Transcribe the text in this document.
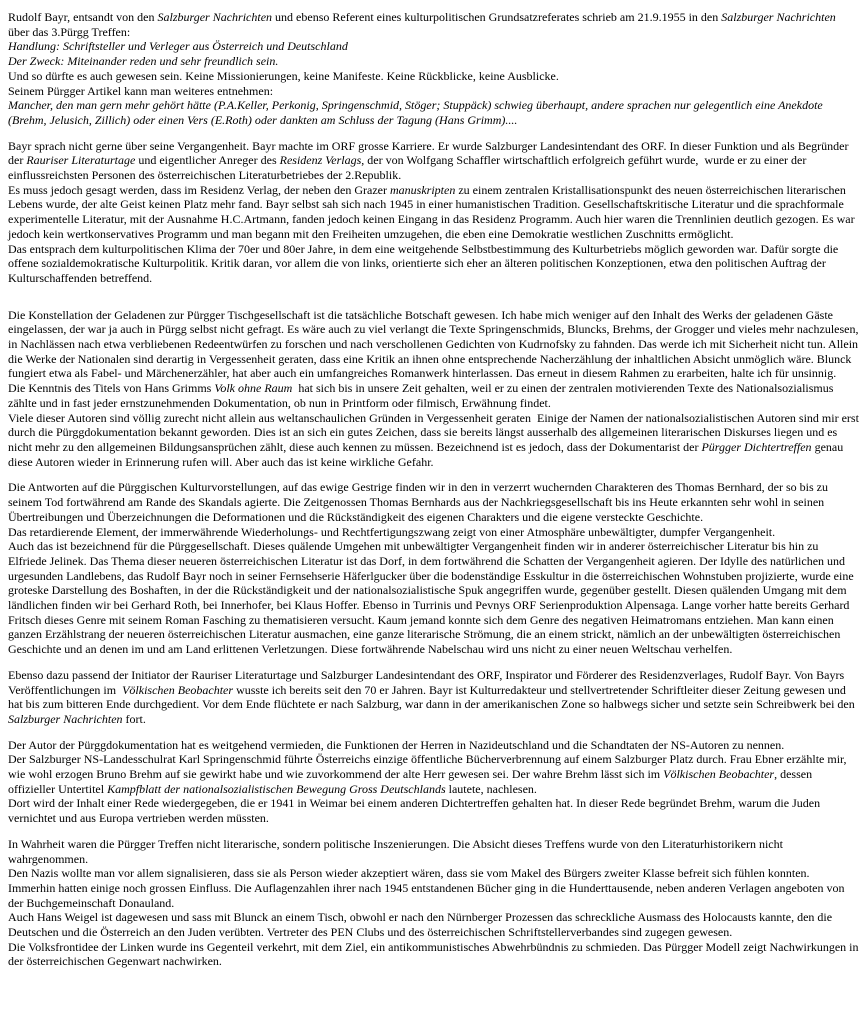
Rudolf Bayr, entsandt von den Salzburger Nachrichten und ebenso Referent eines kulturpolitischen Grundsatzreferates schrieb am 21.9.1955 in den Salzburger Nachrichten über das 3.Pürgg Treffen:
Handlung: Schriftsteller und Verleger aus Österreich und Deutschland
Der Zweck: Miteinander reden und sehr freundlich sein.
Und so dürfte es auch gewesen sein. Keine Missionierungen, keine Manifeste. Keine Rückblicke, keine Ausblicke.
Seinem Pürgger Artikel kann man weiteres entnehmen:
Mancher, den man gern mehr gehört hätte (P.A.Keller, Perkonig, Springenschmid, Stöger; Stuppäck) schwieg überhaupt, andere sprachen nur gelegentlich eine Anekdote (Brehm, Jelusich, Zillich) oder einen Vers (E.Roth) oder dankten am Schluss der Tagung (Hans Grimm)....
Bayr sprach nicht gerne über seine Vergangenheit. Bayr machte im ORF grosse Karriere. Er wurde Salzburger Landesintendant des ORF. In dieser Funktion und als Begründer der Rauriser Literaturtage und eigentlicher Anreger des Residenz Verlags, der von Wolfgang Schaffler wirtschaftlich erfolgreich geführt wurde,  wurde er zu einer der einflussreichsten Personen des österreichischen Literaturbetriebes der 2.Republik.
Es muss jedoch gesagt werden, dass im Residenz Verlag, der neben den Grazer manuskripten zu einem zentralen Kristallisationspunkt des neuen österreichischen literarischen Lebens wurde, der alte Geist keinen Platz mehr fand. Bayr selbst sah sich nach 1945 in einer humanistischen Tradition. Gesellschaftskritische Literatur und die sprachformale experimentelle Literatur, mit der Ausnahme H.C.Artmann, fanden jedoch keinen Eingang in das Residenz Programm. Auch hier waren die Trennlinien deutlich gezogen. Es war jedoch kein wertkonservatives Programm und man begann mit den Freiheiten umzugehen, die eben eine Demokratie westlichen Zuschnitts ermöglicht.
Das entsprach dem kulturpolitischen Klima der 70er und 80er Jahre, in dem eine weitgehende Selbstbestimmung des Kulturbetriebs möglich geworden war. Dafür sorgte die offene sozialdemokratische Kulturpolitik. Kritik daran, vor allem die von links, orientierte sich eher an älteren politischen Konzeptionen, etwa den politischen Auftrag der Kulturschaffenden betreffend.
Die Konstellation der Geladenen zur Pürgger Tischgesellschaft ist die tatsächliche Botschaft gewesen. Ich habe mich weniger auf den Inhalt des Werks der geladenen Gäste eingelassen, der war ja auch in Pürgg selbst nicht gefragt. Es wäre auch zu viel verlangt die Texte Springenschmids, Bluncks, Brehms, der Grogger und vieles mehr nachzulesen, in Nachlässen nach etwa verbliebenen Redeentwürfen zu forschen und nach verschollenen Gedichten von Kudrnofsky zu fahnden. Das werde ich mit Sicherheit nicht tun. Allein die Werke der Nationalen sind derartig in Vergessenheit geraten, dass eine Kritik an ihnen ohne entsprechende Nacherzählung der inhaltlichen Absicht unmöglich wäre. Blunck fungiert etwa als Fabel- und Märchenerzähler, hat aber auch ein umfangreiches Romanwerk hinterlassen. Das erneut in diesem Rahmen zu erarbeiten, halte ich für unsinnig.
Die Kenntnis des Titels von Hans Grimms Volk ohne Raum  hat sich bis in unsere Zeit gehalten, weil er zu einen der zentralen motivierenden Texte des Nationalsozialismus zählte und in fast jeder ernstzunehmenden Dokumentation, ob nun in Printform oder filmisch, Erwähnung findet.
Viele dieser Autoren sind völlig zurecht nicht allein aus weltanschaulichen Gründen in Vergessenheit geraten  Einige der Namen der nationalsozialistischen Autoren sind mir erst  durch die Pürggdokumentation bekannt geworden. Dies ist an sich ein gutes Zeichen, dass sie bereits längst ausserhalb des allgemeinen literarischen Diskurses liegen und es nicht mehr zu den allgemeinen Bildungsansprüchen zählt, diese auch kennen zu müssen. Bezeichnend ist es jedoch, dass der Dokumentarist der Pürgger Dichtertreffen genau diese Autoren wieder in Erinnerung rufen will. Aber auch das ist keine wirkliche Gefahr.
Die Antworten auf die Pürggischen Kulturvorstellungen, auf das ewige Gestrige finden wir in den in verzerrt wuchernden Charakteren des Thomas Bernhard, der so bis zu seinem Tod fortwährend am Rande des Skandals agierte. Die Zeitgenossen Thomas Bernhards aus der Nachkriegsgesellschaft bis ins Heute erkannten sehr wohl in seinen Übertreibungen und Überzeichnungen die Deformationen und die Rückständigkeit des eigenen Charakters und die eigene versteckte Geschichte.
Das retardierende Element, der immerwährende Wiederholungs- und Rechtfertigungszwang zeigt von einer Atmosphäre unbewältigter, dumpfer Vergangenheit.
Auch das ist bezeichnend für die Pürggesellschaft. Dieses quälende Umgehen mit unbewältigter Vergangenheit finden wir in anderer österreichischer Literatur bis hin zu Elfriede Jelinek. Das Thema dieser neueren österreichischen Literatur ist das Dorf, in dem fortwährend die Schatten der Vergangenheit agieren. Der Idylle des natürlichen und urgesunden Landlebens, das Rudolf Bayr noch in seiner Fernsehserie Häferlgucker über die bodenständige Esskultur in die österreichischen Wohnstuben projizierte, wurde eine groteske Darstellung des Boshaften, in der die Rückständigkeit und der nationalsozialistische Spuk angegriffen wurde, gegenüber gestellt. Diesen quälenden Umgang mit dem ländlichen finden wir bei Gerhard Roth, bei Innerhofer, bei Klaus Hoffer. Ebenso in Turrinis und Pevnys ORF Serienproduktion Alpensaga. Lange vorher hatte bereits Gerhard Fritsch dieses Genre mit seinem Roman Fasching zu thematisieren versucht. Kaum jemand konnte sich dem Genre des negativen Heimatromans entziehen. Man kann einen ganzen Erzählstrang der neueren österreichischen Literatur ausmachen, eine ganze literarische Strömung, die an einem strickt, nämlich an der unbewältigten österreichischen Geschichte und an denen im und am Land erlittenen Verletzungen. Diese fortwährende Nabelschau wird uns nicht zu einer neuen Weltschau verhelfen.
Ebenso dazu passend der Initiator der Rauriser Literaturtage und Salzburger Landesintendant des ORF, Inspirator und Förderer des Residenzverlages, Rudolf Bayr. Von Bayrs Veröffentlichungen im  Völkischen Beobachter wusste ich bereits seit den 70 er Jahren. Bayr ist Kulturredakteur und stellvertretender Schriftleiter dieser Zeitung gewesen und hat bis zum bitteren Ende durchgedient. Vor dem Ende flüchtete er nach Salzburg, war dann in der amerikanischen Zone so halbwegs sicher und setzte sein Schreibwerk bei den Salzburger Nachrichten fort.
Der Autor der Pürggdokumentation hat es weitgehend vermieden, die Funktionen der Herren in Nazideutschland und die Schandtaten der NS-Autoren zu nennen.
Der Salzburger NS-Landesschulrat Karl Springenschmid führte Österreichs einzige öffentliche Bücherverbrennung auf einem Salzburger Platz durch. Frau Ebner erzählte mir, wie wohl erzogen Bruno Brehm auf sie gewirkt habe und wie zuvorkommend der alte Herr gewesen sei. Der wahre Brehm lässt sich im Völkischen Beobachter, dessen offizieller Untertitel Kampfblatt der nationalsozialistischen Bewegung Gross Deutschlands lautete, nachlesen.
Dort wird der Inhalt einer Rede wiedergegeben, die er 1941 in Weimar bei einem anderen Dichtertreffen gehalten hat. In dieser Rede begründet Brehm, warum die Juden vernichtet und aus Europa vertrieben werden müssten.
In Wahrheit waren die Pürgger Treffen nicht literarische, sondern politische Inszenierungen. Die Absicht dieses Treffens wurde von den Literaturhistorikern nicht wahrgenommen.
Den Nazis wollte man vor allem signalisieren, dass sie als Person wieder akzeptiert wären, dass sie vom Makel des Bürgers zweiter Klasse befreit sich fühlen konnten.
Immerhin hatten einige noch grossen Einfluss. Die Auflagenzahlen ihrer nach 1945 entstandenen Bücher ging in die Hunderttausende, neben anderen Verlagen angeboten von der Buchgemeinschaft Donauland.
Auch Hans Weigel ist dagewesen und sass mit Blunck an einem Tisch, obwohl er nach den Nürnberger Prozessen das schreckliche Ausmass des Holocausts kannte, den die Deutschen und die Österreich an den Juden verübten. Vertreter des PEN Clubs und des österreichischen Schriftstellerverbandes sind zugegen gewesen.
Die Volksfrontidee der Linken wurde ins Gegenteil verkehrt, mit dem Ziel, ein antikommunistisches Abwehrbündnis zu schmieden. Das Pürgger Modell zeigt Nachwirkungen in der österreichischen Gegenwart nachwirken.
